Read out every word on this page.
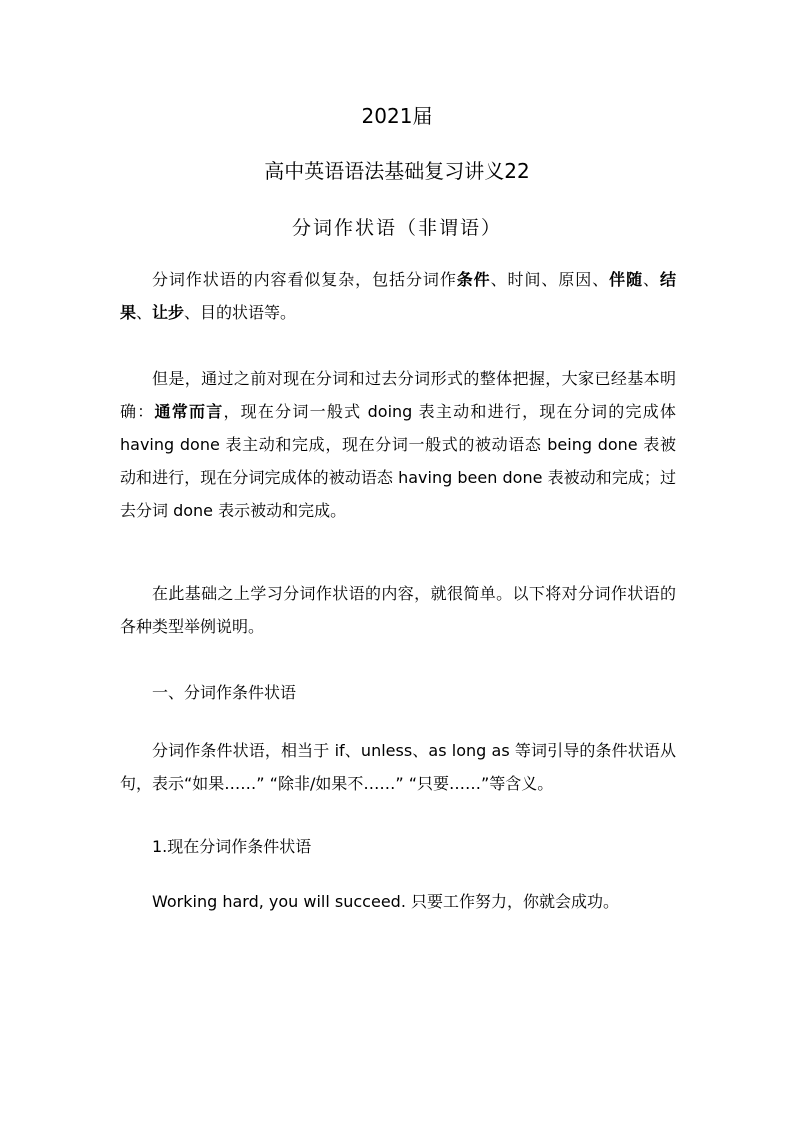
2021届
高中英语语法基础复习讲义22
分词作状语（非谓语）
分词作状语的内容看似复杂，包括分词作条件、时间、原因、伴随、结果、让步、目的状语等。
但是，通过之前对现在分词和过去分词形式的整体把握，大家已经基本明确：通常而言，现在分词一般式 doing 表主动和进行，现在分词的完成体 having done 表主动和完成，现在分词一般式的被动语态 being done 表被动和进行，现在分词完成体的被动语态 having been done 表被动和完成；过去分词 done 表示被动和完成。
在此基础之上学习分词作状语的内容，就很简单。以下将对分词作状语的各种类型举例说明。
一、分词作条件状语
分词作条件状语，相当于 if、unless、as long as 等词引导的条件状语从句，表示“如果……” “除非/如果不……” “只要……”等含义。
1.现在分词作条件状语
Working hard, you will succeed. 只要工作努力，你就会成功。
